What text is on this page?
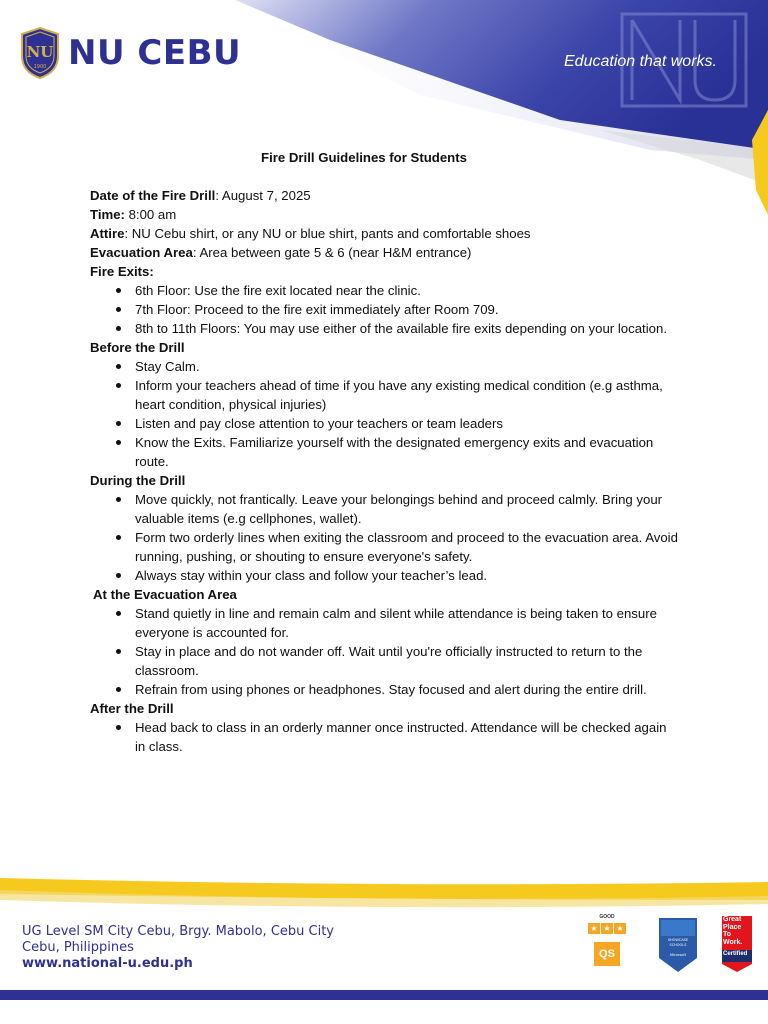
NU
1900 NU CEBU	Education that works.

Fire Drill Guidelines for Students

Date of the Fire Drill: August 7, 2025

Time: 8:00 am

Attire: NU Cebu shirt, or any NU or blue shirt, pants and comfortable shoes

Evacuation Area: Area between gate 5 & 6 (near H&M entrance)

Fire Exits:

6th Floor: Use the fire exit located near the clinic.
7th Floor: Proceed to the fire exit immediately after Room 709.
8th to 11th Floors: You may use either of the available fire exits depending on your location.

Before the Drill

Stay Calm.
Inform your teachers ahead of time if you have any existing medical condition (e.g asthma, heart condition, physical injuries)
Listen and pay close attention to your teachers or team leaders
Know the Exits. Familiarize yourself with the designated emergency exits and evacuation route.

During the Drill

Move quickly, not frantically. Leave your belongings behind and proceed calmly. Bring your valuable items (e.g cellphones, wallet).
Form two orderly lines when exiting the classroom and proceed to the evacuation area. Avoid running, pushing, or shouting to ensure everyone's safety.
Always stay within your class and follow your teacher’s lead.

At the Evacuation Area

Stand quietly in line and remain calm and silent while attendance is being taken to ensure everyone is accounted for.
Stay in place and do not wander off. Wait until you're officially instructed to return to the classroom.
Refrain from using phones or headphones. Stay focused and alert during the entire drill.

After the Drill

Head back to class in an orderly manner once instructed. Attendance will be checked again in class.
UG Level SM City Cebu, Brgy. Mabolo, Cebu City
Cebu, Philippines
www.national-u.edu.ph
GOOD
★ ★ ★
QS
SHOWCASE
SCHOOLS
Microsoft
Great
Place
To
Work.
Certified
